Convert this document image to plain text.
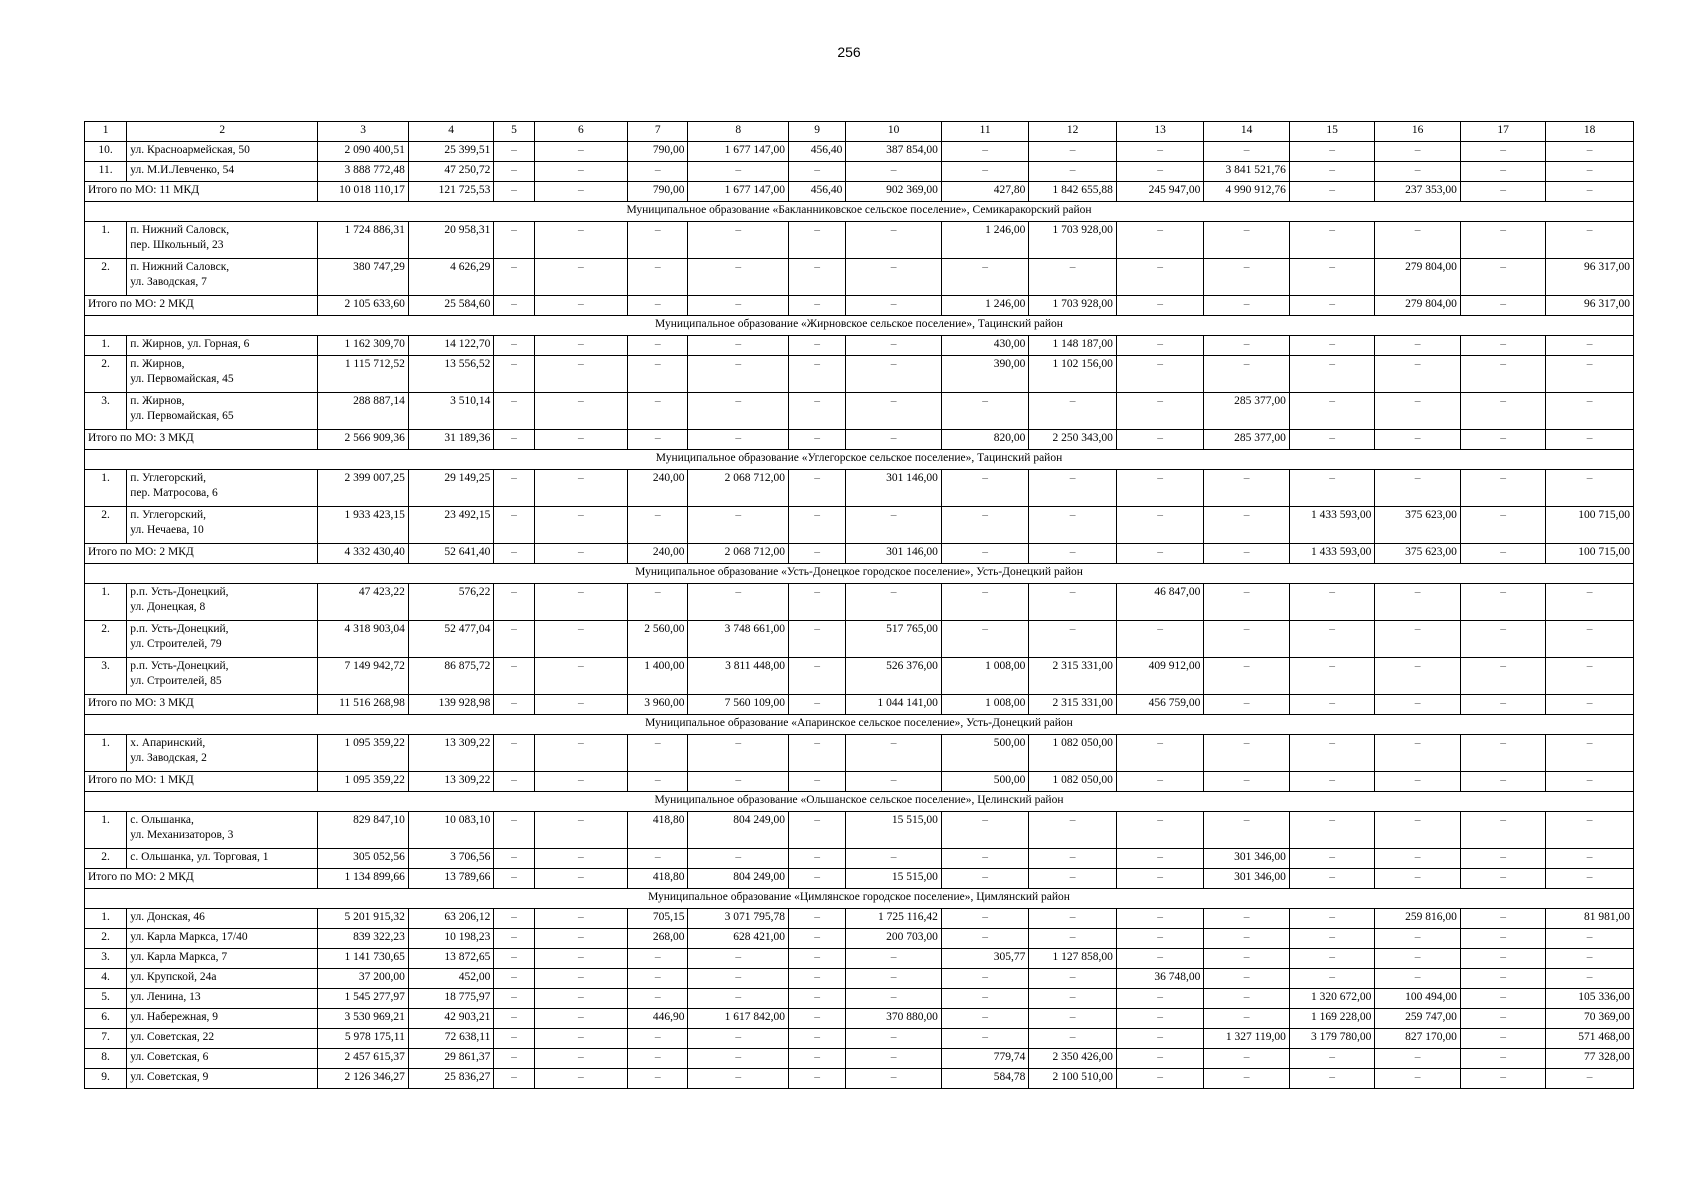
256
1	2	3	4	5	6	7	8	9	10	11	12	13	14	15	16	17	18
10.	ул. Красноармейская, 50	2 090 400,51	25 399,51	–	–	790,00	1 677 147,00	456,40	387 854,00	–	–	–	–	–	–	–	–
11.	ул. М.И.Левченко, 54	3 888 772,48	47 250,72	–	–	–	–	–	–	–	–	–	3 841 521,76	–	–	–	–
Итого по МО: 11 МКД		10 018 110,17	121 725,53	–	–	790,00	1 677 147,00	456,40	902 369,00	427,80	1 842 655,88	245 947,00	4 990 912,76	–	237 353,00	–	–
Муниципальное образование «Бакланниковское сельское поселение», Семикаракорский район																	
1.	п. Нижний Саловск,
пер. Школьный, 23	1 724 886,31	20 958,31	–	–	–	–	–	–	1 246,00	1 703 928,00	–	–	–	–	–	–
2.	п. Нижний Саловск,
ул. Заводская, 7	380 747,29	4 626,29	–	–	–	–	–	–	–	–	–	–	–	279 804,00	–	96 317,00
Итого по МО: 2 МКД		2 105 633,60	25 584,60	–	–	–	–	–	–	1 246,00	1 703 928,00	–	–	–	279 804,00	–	96 317,00
Муниципальное образование «Жирновское сельское поселение», Тацинский район																	
1.	п. Жирнов, ул. Горная, 6	1 162 309,70	14 122,70	–	–	–	–	–	–	430,00	1 148 187,00	–	–	–	–	–	–
2.	п. Жирнов,
ул. Первомайская, 45	1 115 712,52	13 556,52	–	–	–	–	–	–	390,00	1 102 156,00	–	–	–	–	–	–
3.	п. Жирнов,
ул. Первомайская, 65	288 887,14	3 510,14	–	–	–	–	–	–	–	–	–	285 377,00	–	–	–	–
Итого по МО: 3 МКД		2 566 909,36	31 189,36	–	–	–	–	–	–	820,00	2 250 343,00	–	285 377,00	–	–	–	–
Муниципальное образование «Углегорское сельское поселение», Тацинский район																	
1.	п. Углегорский,
пер. Матросова, 6	2 399 007,25	29 149,25	–	–	240,00	2 068 712,00	–	301 146,00	–	–	–	–	–	–	–	–
2.	п. Углегорский,
ул. Нечаева, 10	1 933 423,15	23 492,15	–	–	–	–	–	–	–	–	–	–	1 433 593,00	375 623,00	–	100 715,00
Итого по МО: 2 МКД		4 332 430,40	52 641,40	–	–	240,00	2 068 712,00	–	301 146,00	–	–	–	–	1 433 593,00	375 623,00	–	100 715,00
Муниципальное образование «Усть-Донецкое городское поселение», Усть-Донецкий район																	
1.	р.п. Усть-Донецкий,
ул. Донецкая, 8	47 423,22	576,22	–	–	–	–	–	–	–	–	46 847,00	–	–	–	–	–
2.	р.п. Усть-Донецкий,
ул. Строителей, 79	4 318 903,04	52 477,04	–	–	2 560,00	3 748 661,00	–	517 765,00	–	–	–	–	–	–	–	–
3.	р.п. Усть-Донецкий,
ул. Строителей, 85	7 149 942,72	86 875,72	–	–	1 400,00	3 811 448,00	–	526 376,00	1 008,00	2 315 331,00	409 912,00	–	–	–	–	–
Итого по МО: 3 МКД		11 516 268,98	139 928,98	–	–	3 960,00	7 560 109,00	–	1 044 141,00	1 008,00	2 315 331,00	456 759,00	–	–	–	–	–
Муниципальное образование «Апаринское сельское поселение», Усть-Донецкий район																	
1.	х. Апаринский,
ул. Заводская, 2	1 095 359,22	13 309,22	–	–	–	–	–	–	500,00	1 082 050,00	–	–	–	–	–	–
Итого по МО: 1 МКД		1 095 359,22	13 309,22	–	–	–	–	–	–	500,00	1 082 050,00	–	–	–	–	–	–
Муниципальное образование «Ольшанское сельское поселение», Целинский район																	
1.	с. Ольшанка,
ул. Механизаторов, 3	829 847,10	10 083,10	–	–	418,80	804 249,00	–	15 515,00	–	–	–	–	–	–	–	–
2.	с. Ольшанка, ул. Торговая, 1	305 052,56	3 706,56	–	–	–	–	–	–	–	–	–	301 346,00	–	–	–	–
Итого по МО: 2 МКД		1 134 899,66	13 789,66	–	–	418,80	804 249,00	–	15 515,00	–	–	–	301 346,00	–	–	–	–
Муниципальное образование «Цимлянское городское поселение», Цимлянский район																	
1.	ул. Донская, 46	5 201 915,32	63 206,12	–	–	705,15	3 071 795,78	–	1 725 116,42	–	–	–	–	–	259 816,00	–	81 981,00
2.	ул. Карла Маркса, 17/40	839 322,23	10 198,23	–	–	268,00	628 421,00	–	200 703,00	–	–	–	–	–	–	–	–
3.	ул. Карла Маркса, 7	1 141 730,65	13 872,65	–	–	–	–	–	–	305,77	1 127 858,00	–	–	–	–	–	–
4.	ул. Крупской, 24а	37 200,00	452,00	–	–	–	–	–	–	–	–	36 748,00	–	–	–	–	–
5.	ул. Ленина, 13	1 545 277,97	18 775,97	–	–	–	–	–	–	–	–	–	–	1 320 672,00	100 494,00	–	105 336,00
6.	ул. Набережная, 9	3 530 969,21	42 903,21	–	–	446,90	1 617 842,00	–	370 880,00	–	–	–	–	1 169 228,00	259 747,00	–	70 369,00
7.	ул. Советская, 22	5 978 175,11	72 638,11	–	–	–	–	–	–	–	–	–	1 327 119,00	3 179 780,00	827 170,00	–	571 468,00
8.	ул. Советская, 6	2 457 615,37	29 861,37	–	–	–	–	–	–	779,74	2 350 426,00	–	–	–	–	–	77 328,00
9.	ул. Советская, 9	2 126 346,27	25 836,27	–	–	–	–	–	–	584,78	2 100 510,00	–	–	–	–	–	–
